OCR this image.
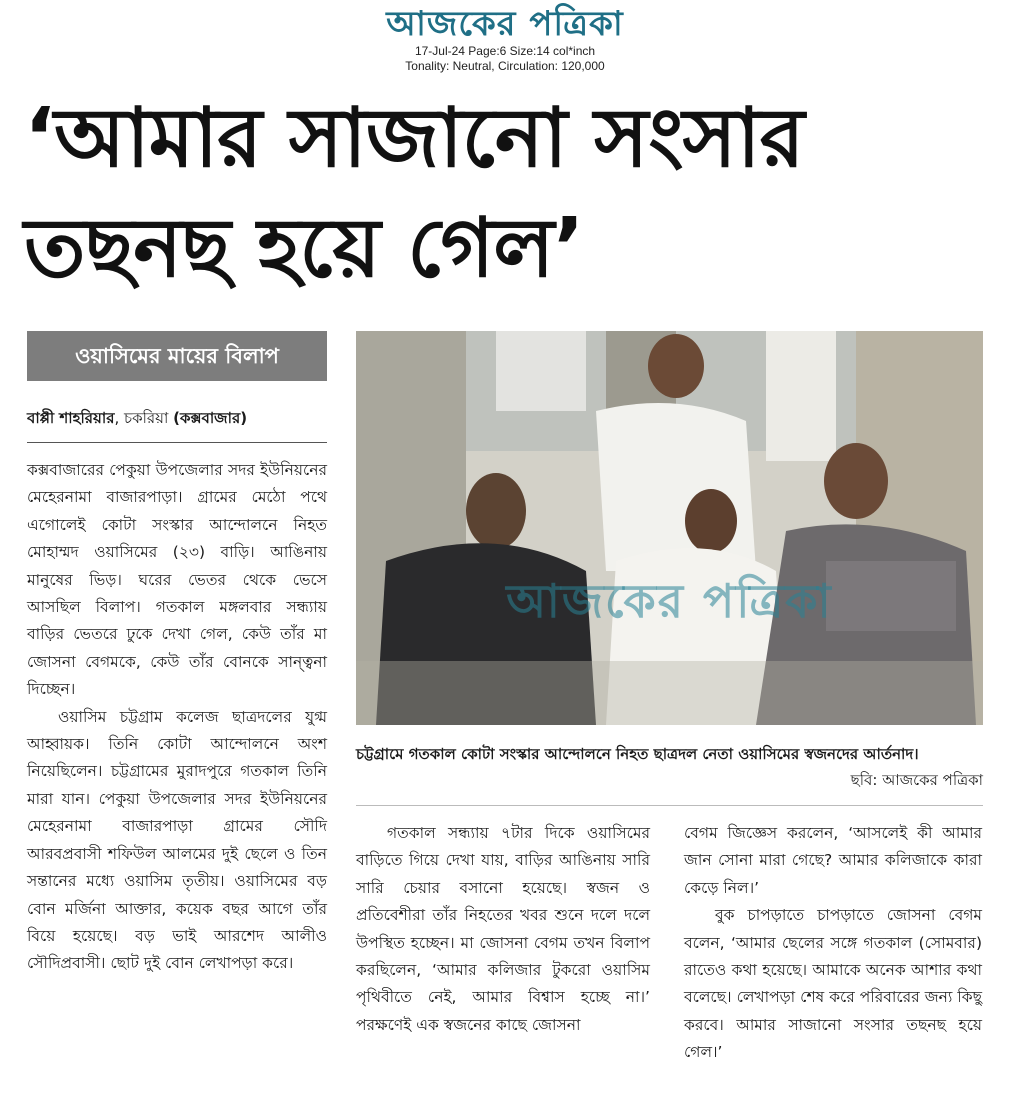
আজকের পত্রিকা
17-Jul-24 Page:6 Size:14 col*inch
Tonality: Neutral, Circulation: 120,000
‘আমার সাজানো সংসার
তছনছ হয়ে গেল’
ওয়াসিমের মায়ের বিলাপ
বাপ্পী শাহরিয়ার, চকরিয়া (কক্সবাজার)

কক্সবাজারের পেকুয়া উপজেলার সদর ইউনিয়নের মেহেরনামা বাজারপাড়া। গ্রামের মেঠো পথে এগোলেই কোটা সংস্কার আন্দোলনে নিহত মোহাম্মদ ওয়াসিমের (২৩) বাড়ি। আঙিনায় মানুষের ভিড়। ঘরের ভেতর থেকে ভেসে আসছিল বিলাপ। গতকাল মঙ্গলবার সন্ধ্যায় বাড়ির ভেতরে ঢুকে দেখা গেল, কেউ তাঁর মা জোসনা বেগমকে, কেউ তাঁর বোনকে সান্ত্বনা দিচ্ছেন।

ওয়াসিম চট্টগ্রাম কলেজ ছাত্রদলের যুগ্ম আহ্বায়ক। তিনি কোটা আন্দোলনে অংশ নিয়েছিলেন। চট্টগ্রামের মুরাদপুরে গতকাল তিনি মারা যান। পেকুয়া উপজেলার সদর ইউনিয়নের মেহেরনামা বাজারপাড়া গ্রামের সৌদি আরবপ্রবাসী শফিউল আলমের দুই ছেলে ও তিন সন্তানের মধ্যে ওয়াসিম তৃতীয়। ওয়াসিমের বড় বোন মর্জিনা আক্তার, কয়েক বছর আগে তাঁর বিয়ে হয়েছে। বড় ভাই আরশেদ আলীও সৌদিপ্রবাসী। ছোট দুই বোন লেখাপড়া করে।

আজকের পত্রিকা
চট্টগ্রামে গতকাল কোটা সংস্কার আন্দোলনে নিহত ছাত্রদল নেতা ওয়াসিমের স্বজনদের আর্তনাদ।
ছবি: আজকের পত্রিকা

গতকাল সন্ধ্যায় ৭টার দিকে ওয়াসিমের বাড়িতে গিয়ে দেখা যায়, বাড়ির আঙিনায় সারি সারি চেয়ার বসানো হয়েছে। স্বজন ও প্রতিবেশীরা তাঁর নিহতের খবর শুনে দলে দলে উপস্থিত হচ্ছেন। মা জোসনা বেগম তখন বিলাপ করছিলেন, ‘আমার কলিজার টুকরো ওয়াসিম পৃথিবীতে নেই, আমার বিশ্বাস হচ্ছে না।’ পরক্ষণেই এক স্বজনের কাছে জোসনা

বেগম জিজ্ঞেস করলেন, ‘আসলেই কী আমার জান সোনা মারা গেছে? আমার কলিজাকে কারা কেড়ে নিল।’

বুক চাপড়াতে চাপড়াতে জোসনা বেগম বলেন, ‘আমার ছেলের সঙ্গে গতকাল (সোমবার) রাতেও কথা হয়েছে। আমাকে অনেক আশার কথা বলেছে। লেখাপড়া শেষ করে পরিবারের জন্য কিছু করবে। আমার সাজানো সংসার তছনছ হয়ে গেল।’
